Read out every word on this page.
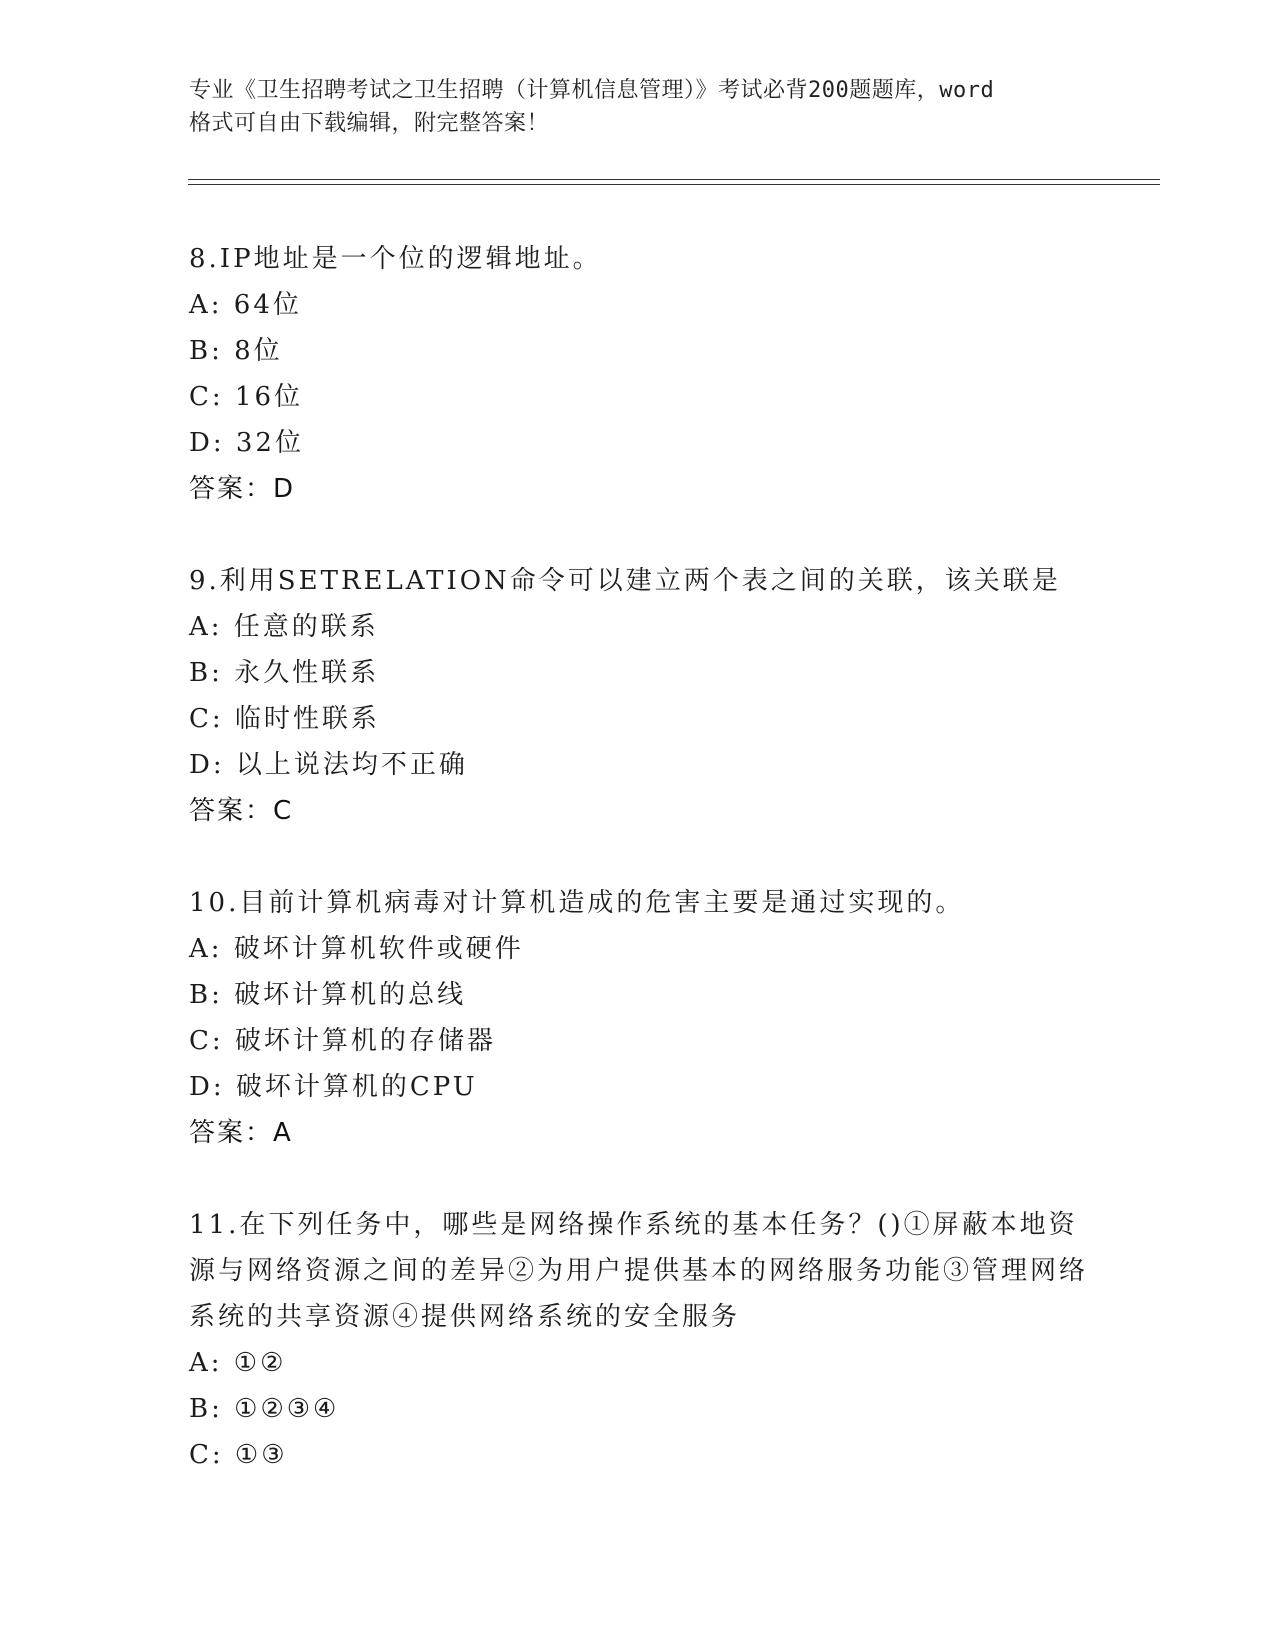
专业《卫生招聘考试之卫生招聘（计算机信息管理）》考试必背200题题库，word
格式可自由下载编辑，附完整答案！

8.IP地址是一个位的逻辑地址。

A: 64位
B: 8位
C: 16位
D: 32位

答案：D

9.利用SETRELATION命令可以建立两个表之间的关联，该关联是

A: 任意的联系
B: 永久性联系
C: 临时性联系
D: 以上说法均不正确

答案：C

10.目前计算机病毒对计算机造成的危害主要是通过实现的。

A: 破坏计算机软件或硬件
B: 破坏计算机的总线
C: 破坏计算机的存储器
D: 破坏计算机的CPU

答案：A

11.在下列任务中，哪些是网络操作系统的基本任务？()①屏蔽本地资源与网络资源之间的差异②为用户提供基本的网络服务功能③管理网络系统的共享资源④提供网络系统的安全服务

A: ①②
B: ①②③④
C: ①③
